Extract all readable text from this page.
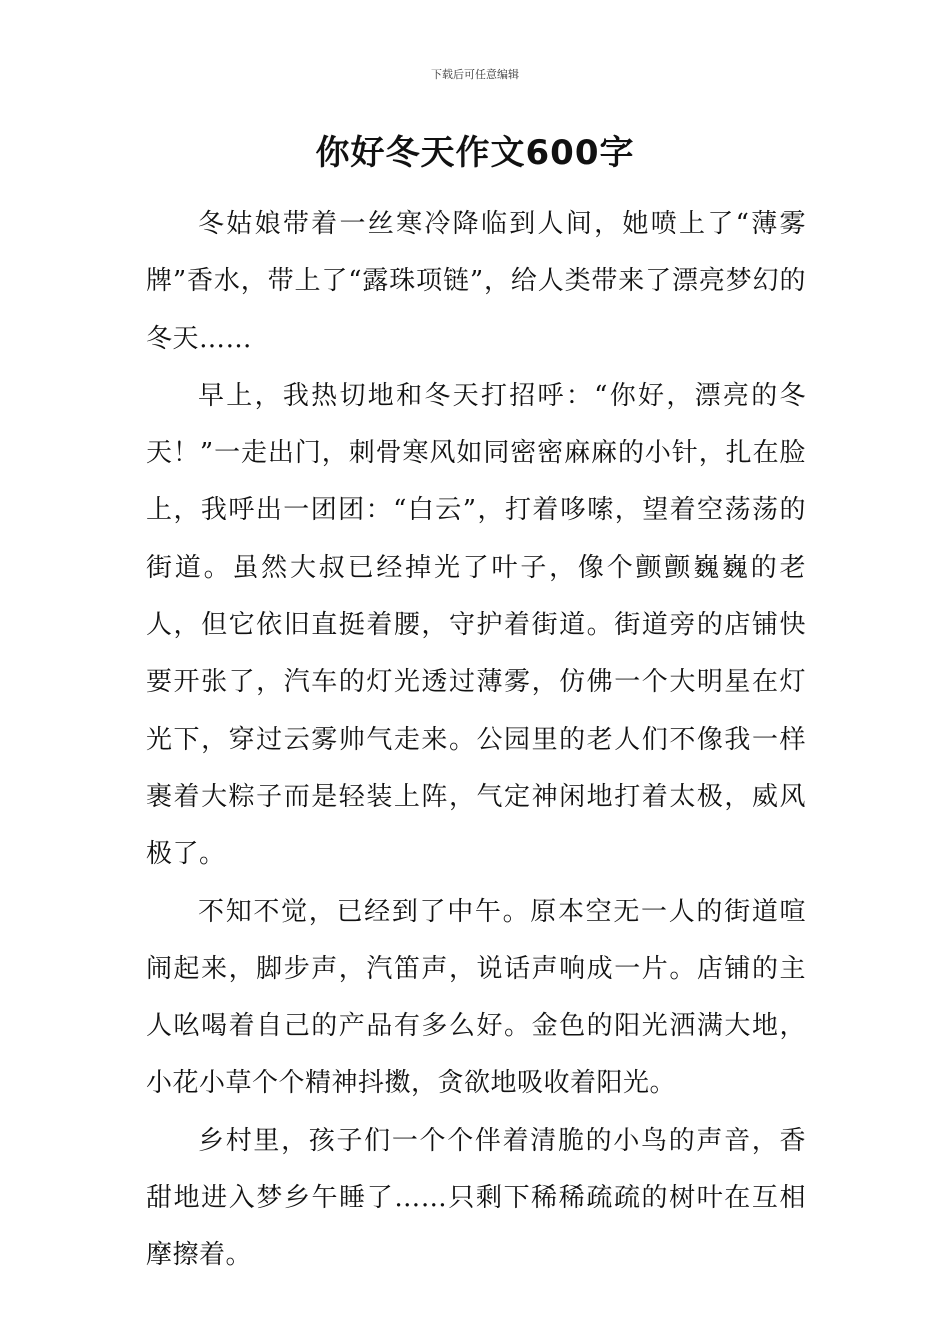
下载后可任意编辑
你好冬天作文600字

冬姑娘带着一丝寒冷降临到人间，她喷上了“薄雾牌”香水，带上了“露珠项链”，给人类带来了漂亮梦幻的冬天……

早上，我热切地和冬天打招呼：“你好，漂亮的冬天！”一走出门，刺骨寒风如同密密麻麻的小针，扎在脸上，我呼出一团团：“白云”，打着哆嗦，望着空荡荡的街道。虽然大叔已经掉光了叶子，像个颤颤巍巍的老人，但它依旧直挺着腰，守护着街道。街道旁的店铺快要开张了，汽车的灯光透过薄雾，仿佛一个大明星在灯光下，穿过云雾帅气走来。公园里的老人们不像我一样裹着大粽子而是轻装上阵，气定神闲地打着太极，威风极了。

不知不觉，已经到了中午。原本空无一人的街道喧闹起来，脚步声，汽笛声，说话声响成一片。店铺的主人吆喝着自己的产品有多么好。金色的阳光洒满大地，小花小草个个精神抖擞，贪欲地吸收着阳光。

乡村里，孩子们一个个伴着清脆的小鸟的声音，香甜地进入梦乡午睡了……只剩下稀稀疏疏的树叶在互相摩擦着。
